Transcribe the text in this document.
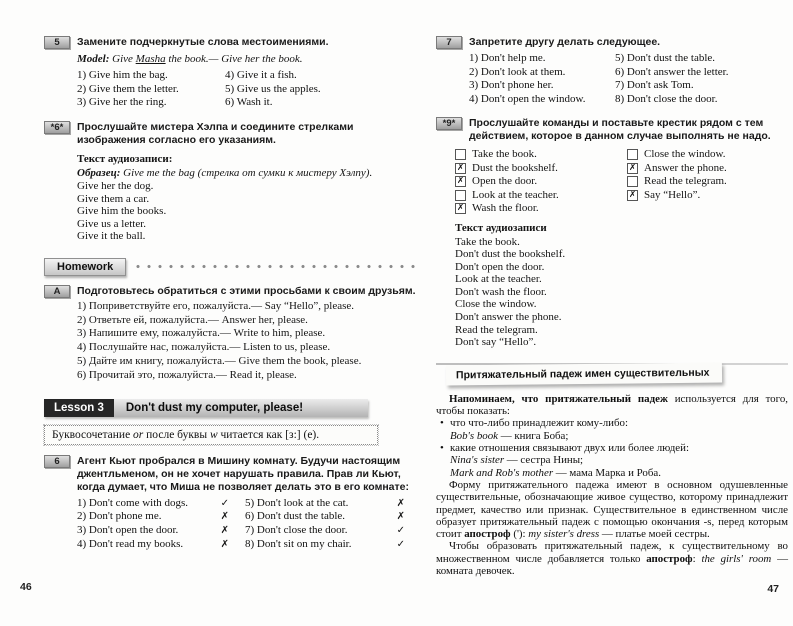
5	Замените подчеркнутые слова местоимениями.
Model: Give Masha the book.— Give her the book.
1) Give him the bag.
2) Give them the letter.
3) Give her the ring.
4) Give it a fish.
5) Give us the apples.
6) Wash it.
*6*	Прослушайте мистера Хэлпа и соедините стрелками изображения согласно его указаниям.
Текст аудиозаписи:
Образец: Give me the bag (стрелка от сумки к мистеру Хэлпу).
Give her the dog.
Give them a car.
Give him the books.
Give us a letter.
Give it the ball.
Homework
A	Подготовьтесь обратиться с этими просьбами к своим друзьям.
1) Поприветствуйте его, пожалуйста.— Say “Hello”, please.
2) Ответьте ей, пожалуйста.— Answer her, please.
3) Напишите ему, пожалуйста.— Write to him, please.
4) Послушайте нас, пожалуйста.— Listen to us, please.
5) Дайте им книгу, пожалуйста.— Give them the book, please.
6) Прочитай это, пожалуйста.— Read it, please.
Lesson 3	Don't dust my computer, please!
Буквосочетание or после буквы w читается как [з:] (e).
6	Агент Кьют пробрался в Мишину комнату. Будучи настоящим джентльменом, он не хочет нарушать правила. Прав ли Кьют, когда думает, что Миша не позволяет делать это в его комнате:
1) Don't come with dogs.	✓
2) Don't phone me.	✗
3) Don't open the door.	✗
4) Don't read my books.	✗
5) Don't look at the cat.	✗
6) Don't dust the table.	✗
7) Don't close the door.	✓
8) Don't sit on my chair.	✓
7	Запретите другу делать следующее.
1) Don't help me.
2) Don't look at them.
3) Don't phone her.
4) Don't open the window.
5) Don't dust the table.
6) Don't answer the letter.
7) Don't ask Tom.
8) Don't close the door.
*9*	Прослушайте команды и поставьте крестик рядом с тем действием, которое в данном случае выполнять не надо.
Take the book.
✗ Dust the bookshelf.
✗ Open the door.
Look at the teacher.
✗ Wash the floor.
Close the window.
✗ Answer the phone.
Read the telegram.
✗ Say “Hello”.
Текст аудиозаписи
Take the book.
Don't dust the bookshelf.
Don't open the door.
Look at the teacher.
Don't wash the floor.
Close the window.
Don't answer the phone.
Read the telegram.
Don't say “Hello”.
Притяжательный падеж имен существительных
Напоминаем, что притяжательный падеж используется для того, чтобы показать:
• что что-либо принадлежит кому-либо:
Bob's book — книга Боба;
• какие отношения связывают двух или более людей:
Nina's sister — сестра Нины;
Mark and Rob's mother — мама Марка и Роба.
Форму притяжательного падежа имеют в основном одушевленные существительные, обозначающие живое существо, которому принадлежит предмет, качество или признак. Существительное в единственном числе образует притяжательный падеж с помощью окончания -s, перед которым стоит апостроф ('): my sister's dress — платье моей сестры.
Чтобы образовать притяжательный падеж, к существительному во множественном числе добавляется только апостроф: the girls' room — комната девочек.
46	47
